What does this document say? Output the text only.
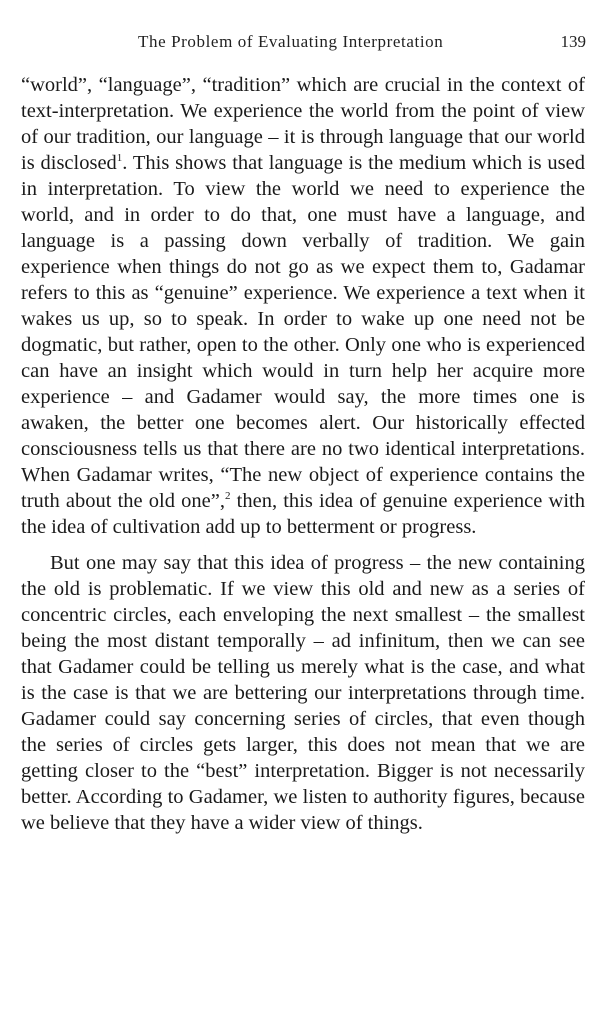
The Problem of Evaluating Interpretation	139

“world”, “language”, “tradition” which are crucial in the context of text-interpretation. We experience the world from the point of view of our tradition, our language – it is through language that our world is disclosed$^1$. This shows that language is the medium which is used in interpretation. To view the world we need to experience the world, and in order to do that, one must have a language, and language is a passing down verbally of tradition. We gain experience when things do not go as we expect them to, Gadamar refers to this as “genuine” experience. We experience a text when it wakes us up, so to speak. In order to wake up one need not be dogmatic, but rather, open to the other. Only one who is experienced can have an insight which would in turn help her acquire more experience – and Gadamer would say, the more times one is awaken, the better one becomes alert. Our historically effected consciousness tells us that there are no two identical interpretations. When Gadamar writes, “The new object of experience contains the truth about the old one”,$^2$ then, this idea of genuine experience with the idea of cultivation add up to betterment or progress.

But one may say that this idea of progress – the new containing the old is problematic. If we view this old and new as a series of concentric circles, each enveloping the next smallest – the smallest being the most distant temporally – ad infinitum, then we can see that Gadamer could be telling us merely what is the case, and what is the case is that we are bettering our interpretations through time. Gadamer could say concerning series of circles, that even though the series of circles gets larger, this does not mean that we are getting closer to the “best” interpretation. Bigger is not necessarily better. According to Gadamer, we listen to authority figures, because we believe that they have a wider view of things.
